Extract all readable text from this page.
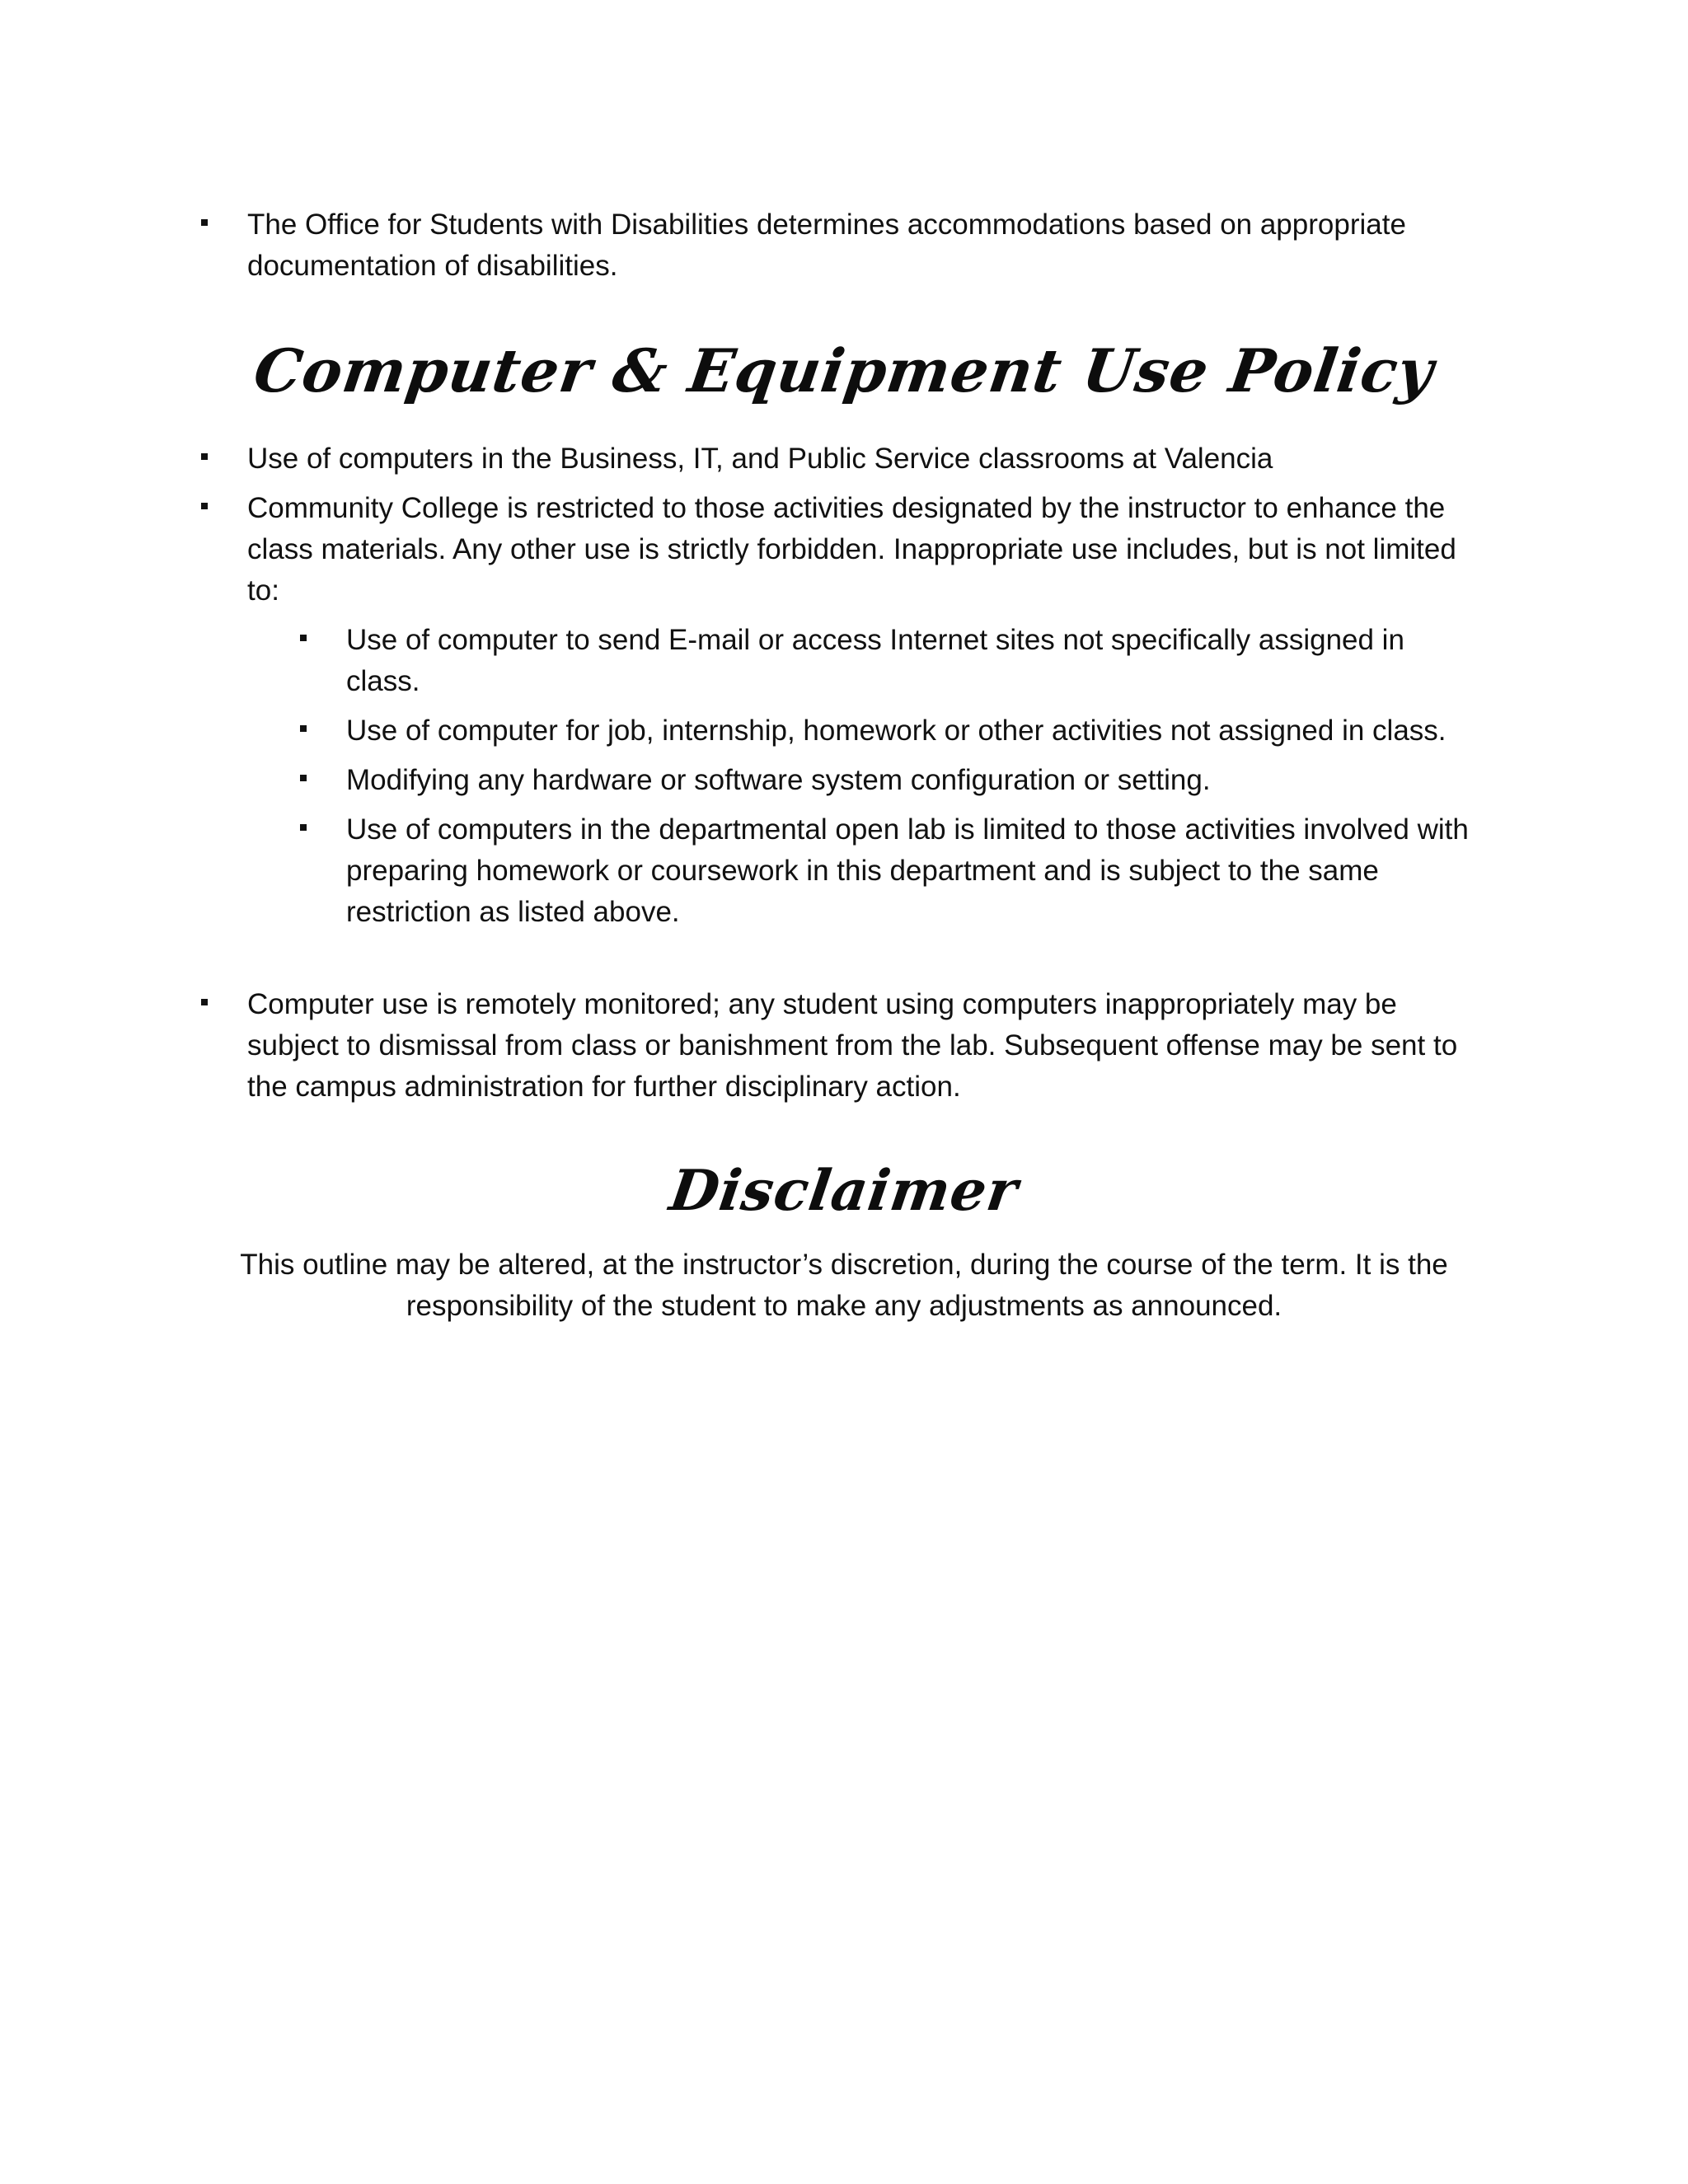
The Office for Students with Disabilities determines accommodations based on appropriate documentation of disabilities.
Computer & Equipment Use Policy
Use of computers in the Business, IT, and Public Service classrooms at Valencia
Community College is restricted to those activities designated by the instructor to enhance the class materials. Any other use is strictly forbidden. Inappropriate use includes, but is not limited to:
Use of computer to send E-mail or access Internet sites not specifically assigned in class.
Use of computer for job, internship, homework or other activities not assigned in class.
Modifying any hardware or software system configuration or setting.
Use of computers in the departmental open lab is limited to those activities involved with preparing homework or coursework in this department and is subject to the same restriction as listed above.
Computer use is remotely monitored; any student using computers inappropriately may be subject to dismissal from class or banishment from the lab. Subsequent offense may be sent to the campus administration for further disciplinary action.
Disclaimer

This outline may be altered, at the instructor’s discretion, during the course of the term. It is the responsibility of the student to make any adjustments as announced.
